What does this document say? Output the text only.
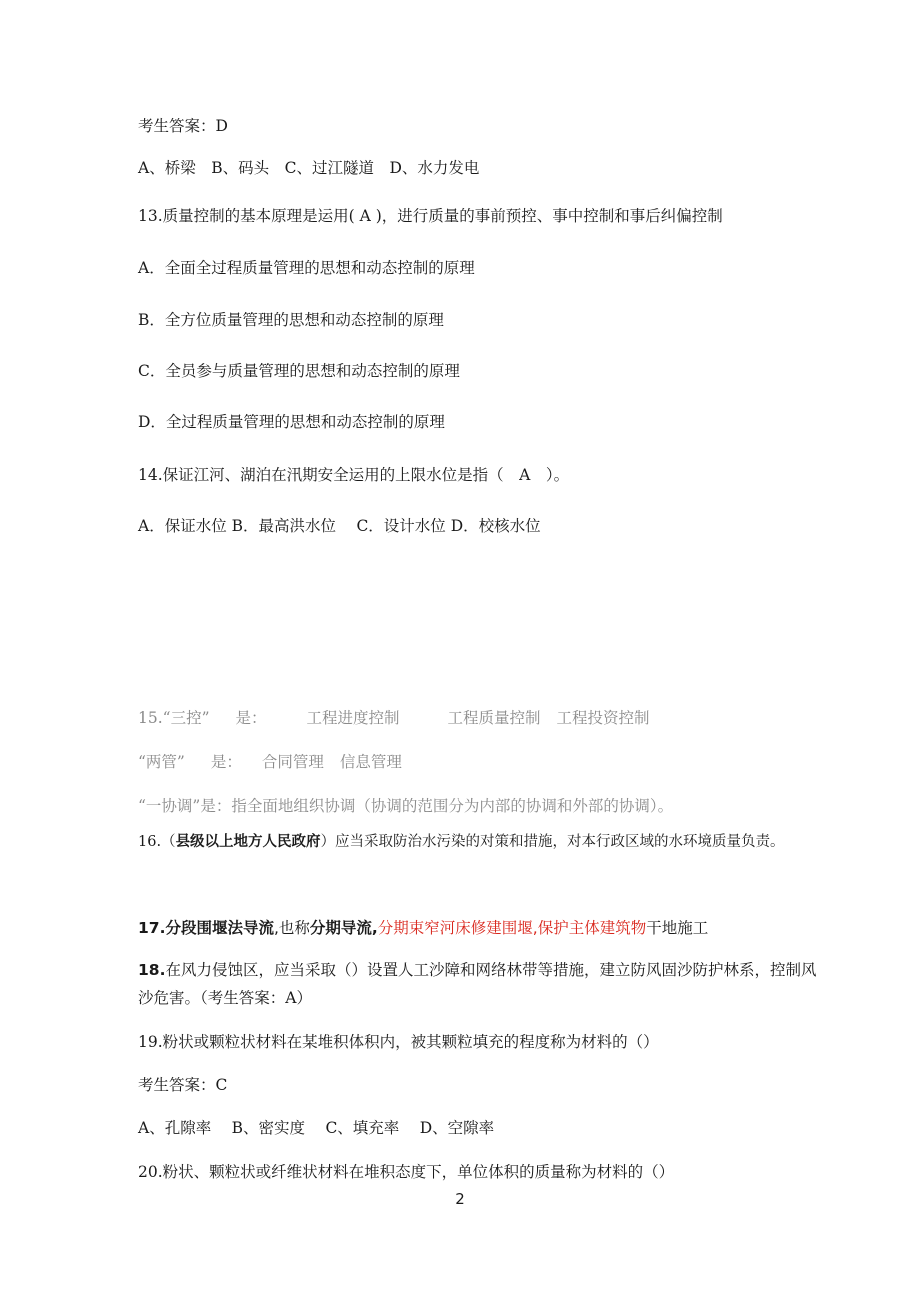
考生答案：D
A、桥梁　B、码头　C、过江隧道　D、水力发电
13.质量控制的基本原理是运用( A )，进行质量的事前预控、事中控制和事后纠偏控制
A．全面全过程质量管理的思想和动态控制的原理
B．全方位质量管理的思想和动态控制的原理
C．全员参与质量管理的思想和动态控制的原理
D．全过程质量管理的思想和动态控制的原理
14.保证江河、湖泊在汛期安全运用的上限水位是指（　A　）。
A．保证水位 B．最高洪水位　 C．设计水位 D．校核水位
15.“三控” 是：	工程进度控制	工程质量控制 工程投资控制
“两管” 是： 合同管理 信息管理
“一协调”是：指全面地组织协调（协调的范围分为内部的协调和外部的协调）。
16.（县级以上地方人民政府）应当采取防治水污染的对策和措施，对本行政区域的水环境质量负责。
17.分段围堰法导流,也称分期导流,分期束窄河床修建围堰,保护主体建筑物干地施工
18.在风力侵蚀区，应当采取（）设置人工沙障和网络林带等措施，建立防风固沙防护林系，控制风
沙危害。（考生答案：A）
19.粉状或颗粒状材料在某堆积体积内，被其颗粒填充的程度称为材料的（）
考生答案：C
A、孔隙率　 B、密实度　 C、填充率　 D、空隙率
20.粉状、颗粒状或纤维状材料在堆积态度下，单位体积的质量称为材料的（）
2
